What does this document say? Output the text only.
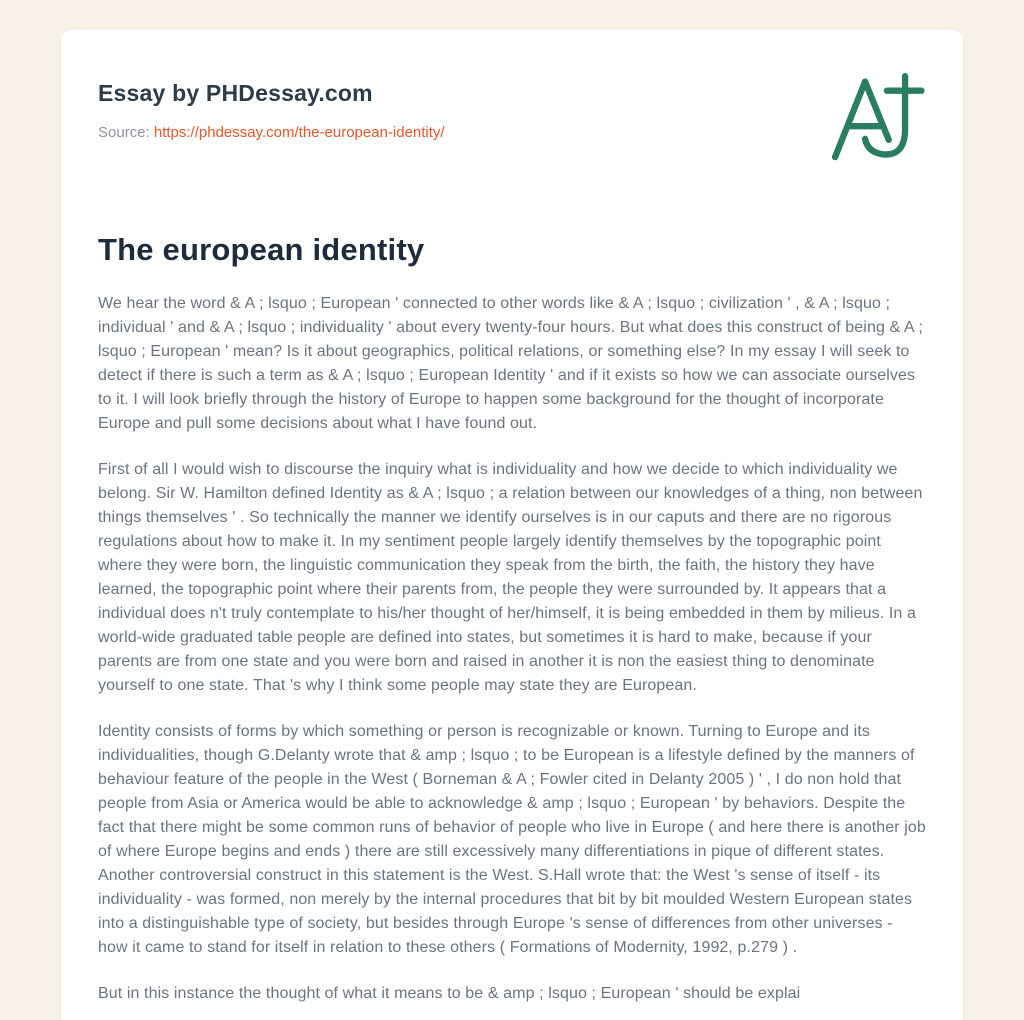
Essay by PHDessay.com

Source: https://phdessay.com/the-european-identity/

The european identity

We hear the word & A ; lsquo ; European ' connected to other words like & A ; lsquo ; civilization ' , & A ; lsquo ; individual ' and & A ; lsquo ; individuality ' about every twenty-four hours. But what does this construct of being & A ; lsquo ; European ' mean? Is it about geographics, political relations, or something else? In my essay I will seek to detect if there is such a term as & A ; lsquo ; European Identity ' and if it exists so how we can associate ourselves to it. I will look briefly through the history of Europe to happen some background for the thought of incorporate Europe and pull some decisions about what I have found out.

First of all I would wish to discourse the inquiry what is individuality and how we decide to which individuality we belong. Sir W. Hamilton defined Identity as & A ; lsquo ; a relation between our knowledges of a thing, non between things themselves ' . So technically the manner we identify ourselves is in our caputs and there are no rigorous regulations about how to make it. In my sentiment people largely identify themselves by the topographic point where they were born, the linguistic communication they speak from the birth, the faith, the history they have learned, the topographic point where their parents from, the people they were surrounded by. It appears that a individual does n't truly contemplate to his/her thought of her/himself, it is being embedded in them by milieus. In a world-wide graduated table people are defined into states, but sometimes it is hard to make, because if your parents are from one state and you were born and raised in another it is non the easiest thing to denominate yourself to one state. That 's why I think some people may state they are European.

Identity consists of forms by which something or person is recognizable or known. Turning to Europe and its individualities, though G.Delanty wrote that & amp ; lsquo ; to be European is a lifestyle defined by the manners of behaviour feature of the people in the West ( Borneman & A ; Fowler cited in Delanty 2005 ) ' , I do non hold that people from Asia or America would be able to acknowledge & amp ; lsquo ; European ' by behaviors. Despite the fact that there might be some common runs of behavior of people who live in Europe ( and here there is another job of where Europe begins and ends ) there are still excessively many differentiations in pique of different states. Another controversial construct in this statement is the West. S.Hall wrote that: the West 's sense of itself - its individuality - was formed, non merely by the internal procedures that bit by bit moulded Western European states into a distinguishable type of society, but besides through Europe 's sense of differences from other universes - how it came to stand for itself in relation to these others ( Formations of Modernity, 1992, p.279 ) .

But in this instance the thought of what it means to be & amp ; lsquo ; European ' should be explai
